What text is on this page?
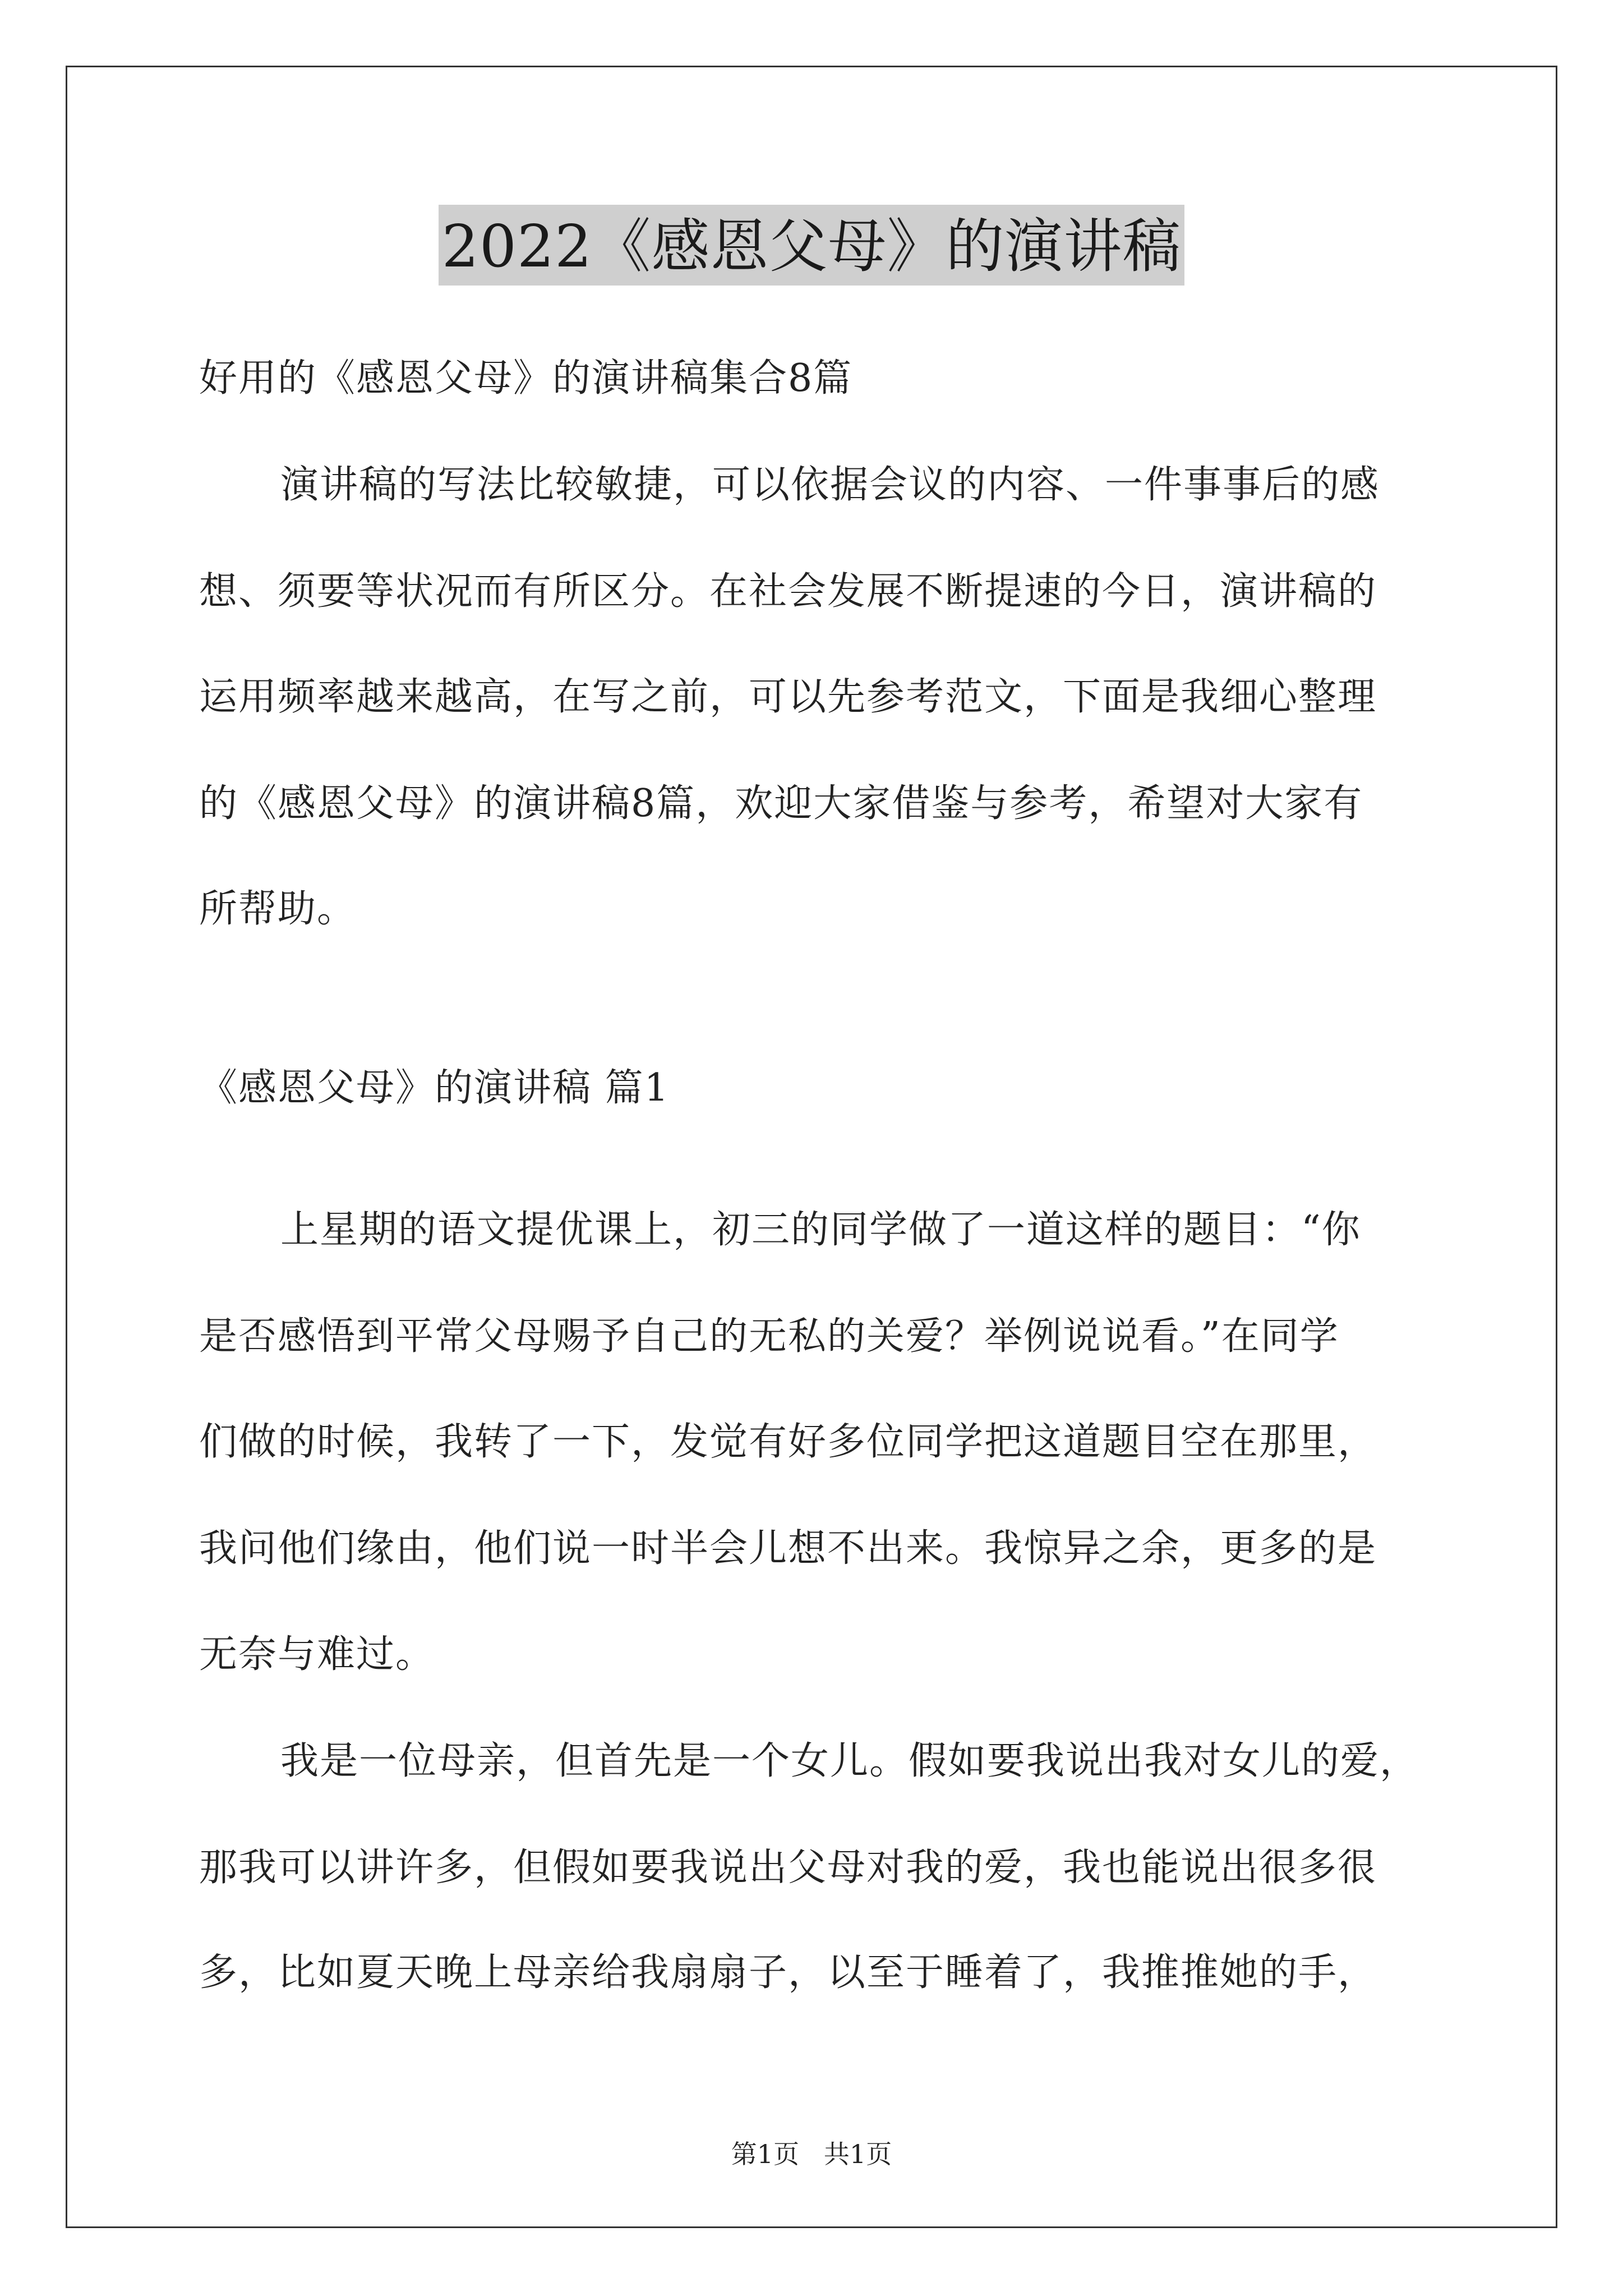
2022《感恩父母》的演讲稿
好用的《感恩父母》的演讲稿集合8篇
演讲稿的写法比较敏捷，可以依据会议的内容、一件事事后的感
想、须要等状况而有所区分。在社会发展不断提速的今日，演讲稿的
运用频率越来越高，在写之前，可以先参考范文，下面是我细心整理
的《感恩父母》的演讲稿8篇，欢迎大家借鉴与参考，希望对大家有
所帮助。
《感恩父母》的演讲稿 篇1
上星期的语文提优课上，初三的同学做了一道这样的题目：“你
是否感悟到平常父母赐予自己的无私的关爱？举例说说看。”在同学
们做的时候，我转了一下，发觉有好多位同学把这道题目空在那里，
我问他们缘由，他们说一时半会儿想不出来。我惊异之余，更多的是
无奈与难过。
我是一位母亲，但首先是一个女儿。假如要我说出我对女儿的爱，
那我可以讲许多，但假如要我说出父母对我的爱，我也能说出很多很
多，比如夏天晚上母亲给我扇扇子，以至于睡着了，我推推她的手，
第1页   共1页
